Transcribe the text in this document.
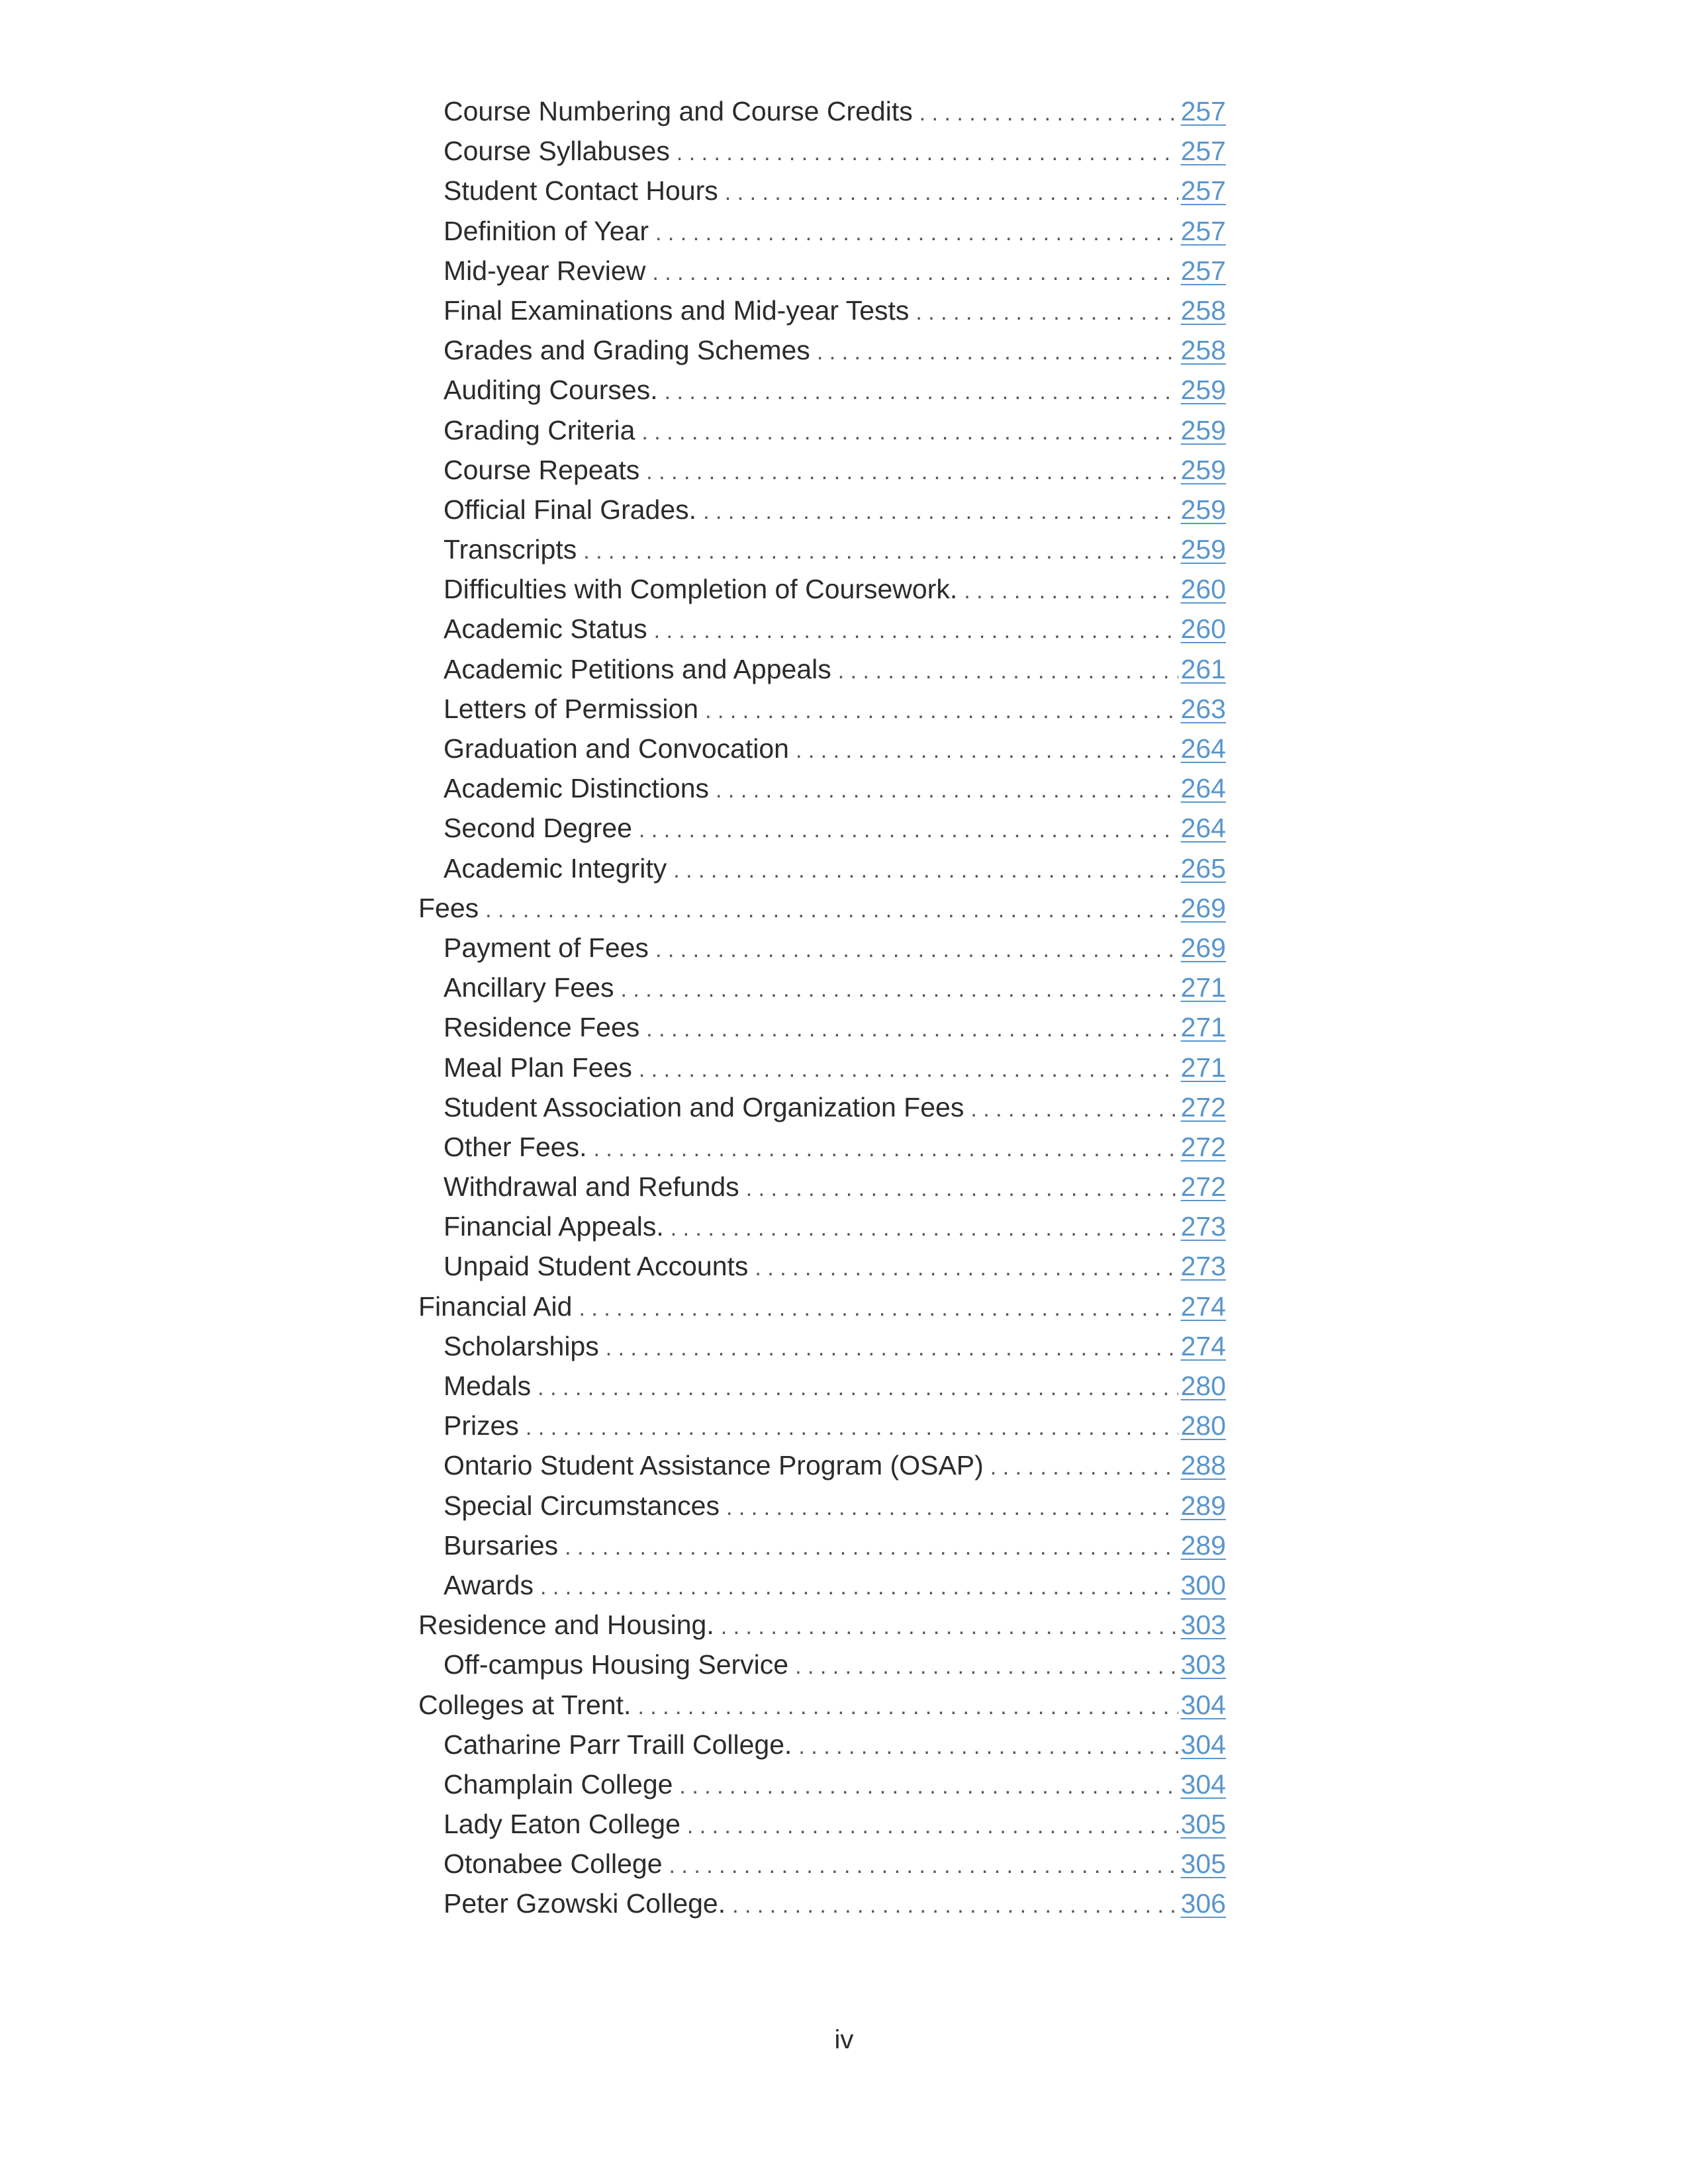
Course Numbering and Course Credits . . .	257
Course Syllabuses . . .	257
Student Contact Hours . . .	257
Definition of Year . . .	257
Mid-year Review . . .	257
Final Examinations and Mid-year Tests . . .	258
Grades and Grading Schemes . . .	258
Auditing Courses. . . .	259
Grading Criteria . . .	259
Course Repeats . . .	259
Official Final Grades. . . .	259
Transcripts . . .	259
Difficulties with Completion of Coursework. . . .	260
Academic Status . . .	260
Academic Petitions and Appeals . . .	261
Letters of Permission . . .	263
Graduation and Convocation . . .	264
Academic Distinctions . . .	264
Second Degree . . .	264
Academic Integrity . . .	265
Fees . . .	269
Payment of Fees . . .	269
Ancillary Fees . . .	271
Residence Fees . . .	271
Meal Plan Fees . . .	271
Student Association and Organization Fees . . .	272
Other Fees. . . .	272
Withdrawal and Refunds . . .	272
Financial Appeals. . . .	273
Unpaid Student Accounts . . .	273
Financial Aid . . .	274
Scholarships . . .	274
Medals . . .	280
Prizes . . .	280
Ontario Student Assistance Program (OSAP) . . .	288
Special Circumstances . . .	289
Bursaries . . .	289
Awards . . .	300
Residence and Housing. . . .	303
Off-campus Housing Service . . .	303
Colleges at Trent. . . .	304
Catharine Parr Traill College. . . .	304
Champlain College . . .	304
Lady Eaton College . . .	305
Otonabee College . . .	305
Peter Gzowski College. . . .	306
iv
